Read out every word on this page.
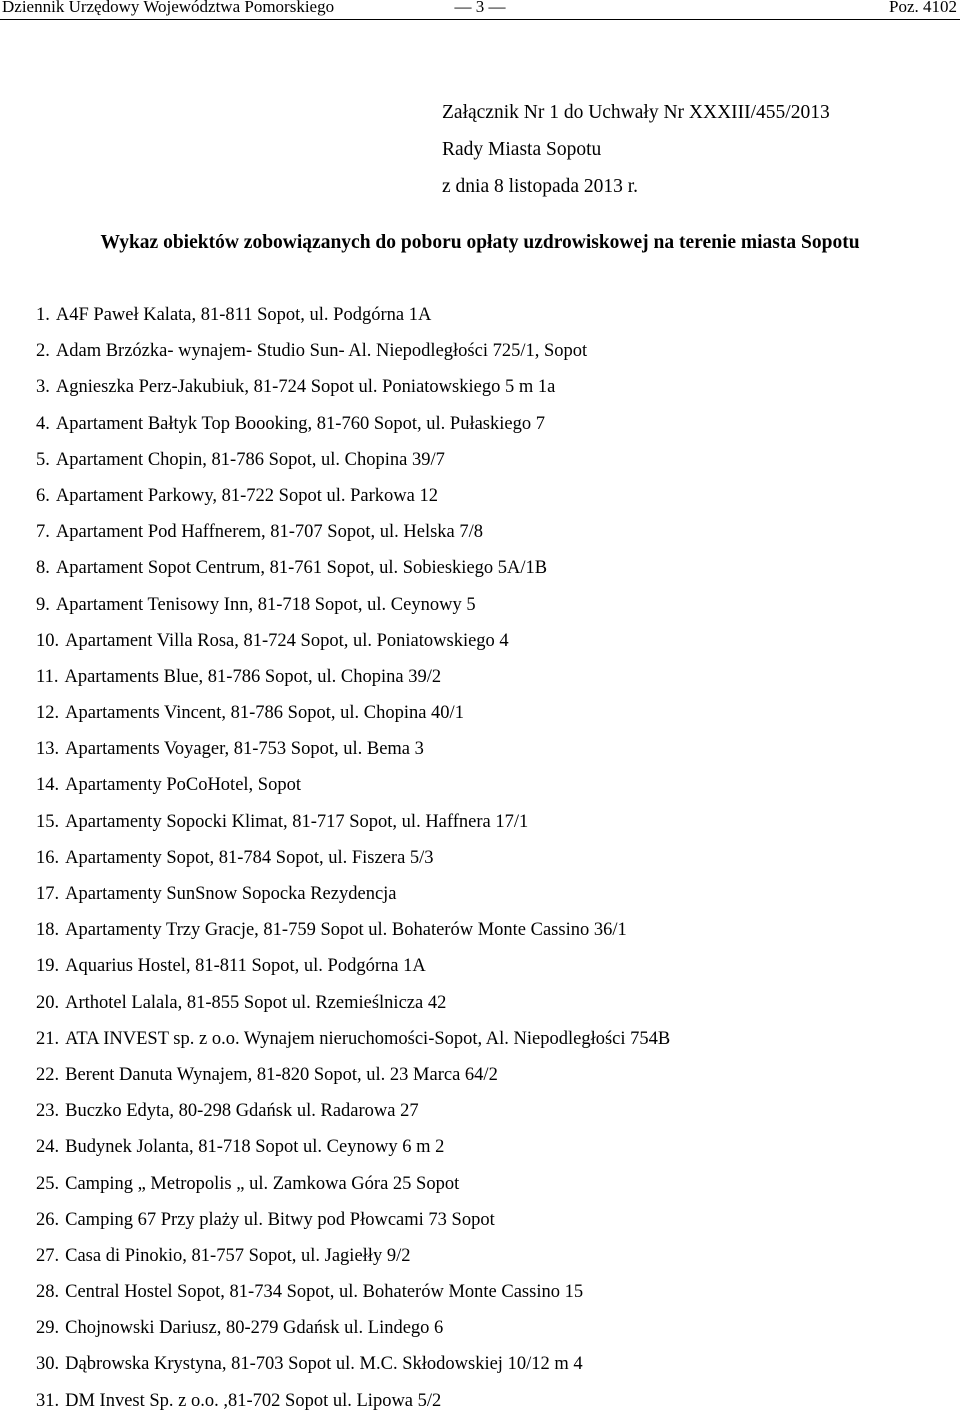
Dziennik Urzędowy Województwa Pomorskiego	— 3 —	Poz. 4102
Załącznik Nr 1 do Uchwały Nr XXXIII/455/2013
Rady Miasta Sopotu
z dnia 8 listopada 2013 r.
Wykaz obiektów zobowiązanych do poboru opłaty uzdrowiskowej na terenie miasta Sopotu
1. A4F Paweł Kalata, 81-811 Sopot, ul. Podgórna 1A
2. Adam Brzózka- wynajem- Studio Sun- Al. Niepodległości 725/1, Sopot
3. Agnieszka Perz-Jakubiuk, 81-724 Sopot ul. Poniatowskiego 5 m 1a
4. Apartament Bałtyk Top Boooking, 81-760 Sopot, ul. Pułaskiego 7
5. Apartament Chopin, 81-786 Sopot, ul. Chopina 39/7
6. Apartament Parkowy, 81-722 Sopot ul. Parkowa 12
7. Apartament Pod Haffnerem, 81-707 Sopot, ul. Helska 7/8
8. Apartament Sopot Centrum, 81-761 Sopot, ul. Sobieskiego 5A/1B
9. Apartament Tenisowy Inn, 81-718 Sopot, ul. Ceynowy 5
10. Apartament Villa Rosa, 81-724 Sopot, ul. Poniatowskiego 4
11. Apartaments Blue, 81-786 Sopot, ul. Chopina 39/2
12. Apartaments Vincent, 81-786 Sopot, ul. Chopina 40/1
13. Apartaments Voyager, 81-753 Sopot, ul. Bema 3
14. Apartamenty PoCoHotel, Sopot
15. Apartamenty Sopocki Klimat, 81-717 Sopot, ul. Haffnera 17/1
16. Apartamenty Sopot, 81-784 Sopot, ul. Fiszera 5/3
17. Apartamenty SunSnow Sopocka Rezydencja
18. Apartamenty Trzy Gracje, 81-759 Sopot ul. Bohaterów Monte Cassino 36/1
19. Aquarius Hostel, 81-811 Sopot, ul. Podgórna 1A
20. Arthotel Lalala, 81-855 Sopot ul. Rzemieślnicza 42
21. ATA INVEST sp. z o.o. Wynajem nieruchomości-Sopot, Al. Niepodległości 754B
22. Berent Danuta Wynajem, 81-820 Sopot, ul. 23 Marca 64/2
23. Buczko Edyta, 80-298 Gdańsk ul. Radarowa 27
24. Budynek Jolanta, 81-718 Sopot ul. Ceynowy 6 m 2
25. Camping „ Metropolis „ ul. Zamkowa Góra 25 Sopot
26. Camping 67 Przy plaży ul. Bitwy pod Płowcami 73 Sopot
27. Casa di Pinokio, 81-757 Sopot, ul. Jagiełły 9/2
28. Central Hostel Sopot, 81-734 Sopot, ul. Bohaterów Monte Cassino 15
29. Chojnowski Dariusz, 80-279 Gdańsk ul. Lindego 6
30. Dąbrowska Krystyna, 81-703 Sopot ul. M.C. Skłodowskiej 10/12 m 4
31. DM Invest Sp. z o.o. ,81-702 Sopot ul. Lipowa 5/2
